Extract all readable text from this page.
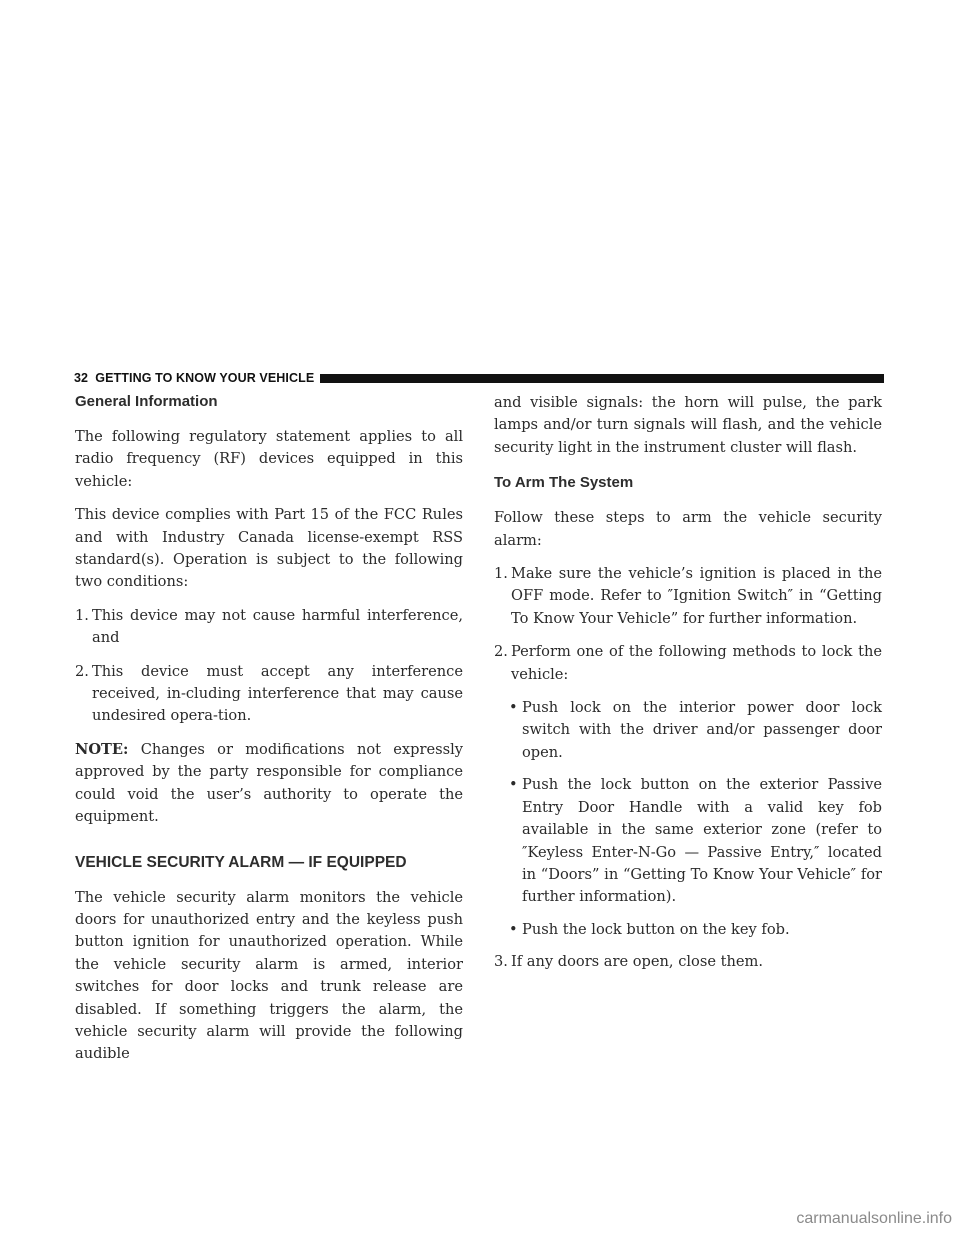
32 GETTING TO KNOW YOUR VEHICLE
General Information

The following regulatory statement applies to all radio frequency (RF) devices equipped in this vehicle:

This device complies with Part 15 of the FCC Rules and with Industry Canada license-exempt RSS standard(s). Operation is subject to the following two conditions:

1. This device may not cause harmful interference, and
2. This device must accept any interference received, in-cluding interference that may cause undesired opera-tion.

NOTE: Changes or modifications not expressly approved by the party responsible for compliance could void the user’s authority to operate the equipment.

VEHICLE SECURITY ALARM — IF EQUIPPED

The vehicle security alarm monitors the vehicle doors for unauthorized entry and the keyless push button ignition for unauthorized operation. While the vehicle security alarm is armed, interior switches for door locks and trunk release are disabled. If something triggers the alarm, the vehicle security alarm will provide the following audible

and visible signals: the horn will pulse, the park lamps and/or turn signals will flash, and the vehicle security light in the instrument cluster will flash.

To Arm The System

Follow these steps to arm the vehicle security alarm:

1. Make sure the vehicle’s ignition is placed in the OFF mode. Refer to ″Ignition Switch″ in “Getting To Know Your Vehicle” for further information.
2. Perform one of the following methods to lock the vehicle:
• Push lock on the interior power door lock switch with the driver and/or passenger door open.
• Push the lock button on the exterior Passive Entry Door Handle with a valid key fob available in the same exterior zone (refer to ″Keyless Enter-N-Go — Passive Entry,″ located in “Doors” in “Getting To Know Your Vehicle″ for further information).
• Push the lock button on the key fob.
3. If any doors are open, close them.
carmanualsonline.info
